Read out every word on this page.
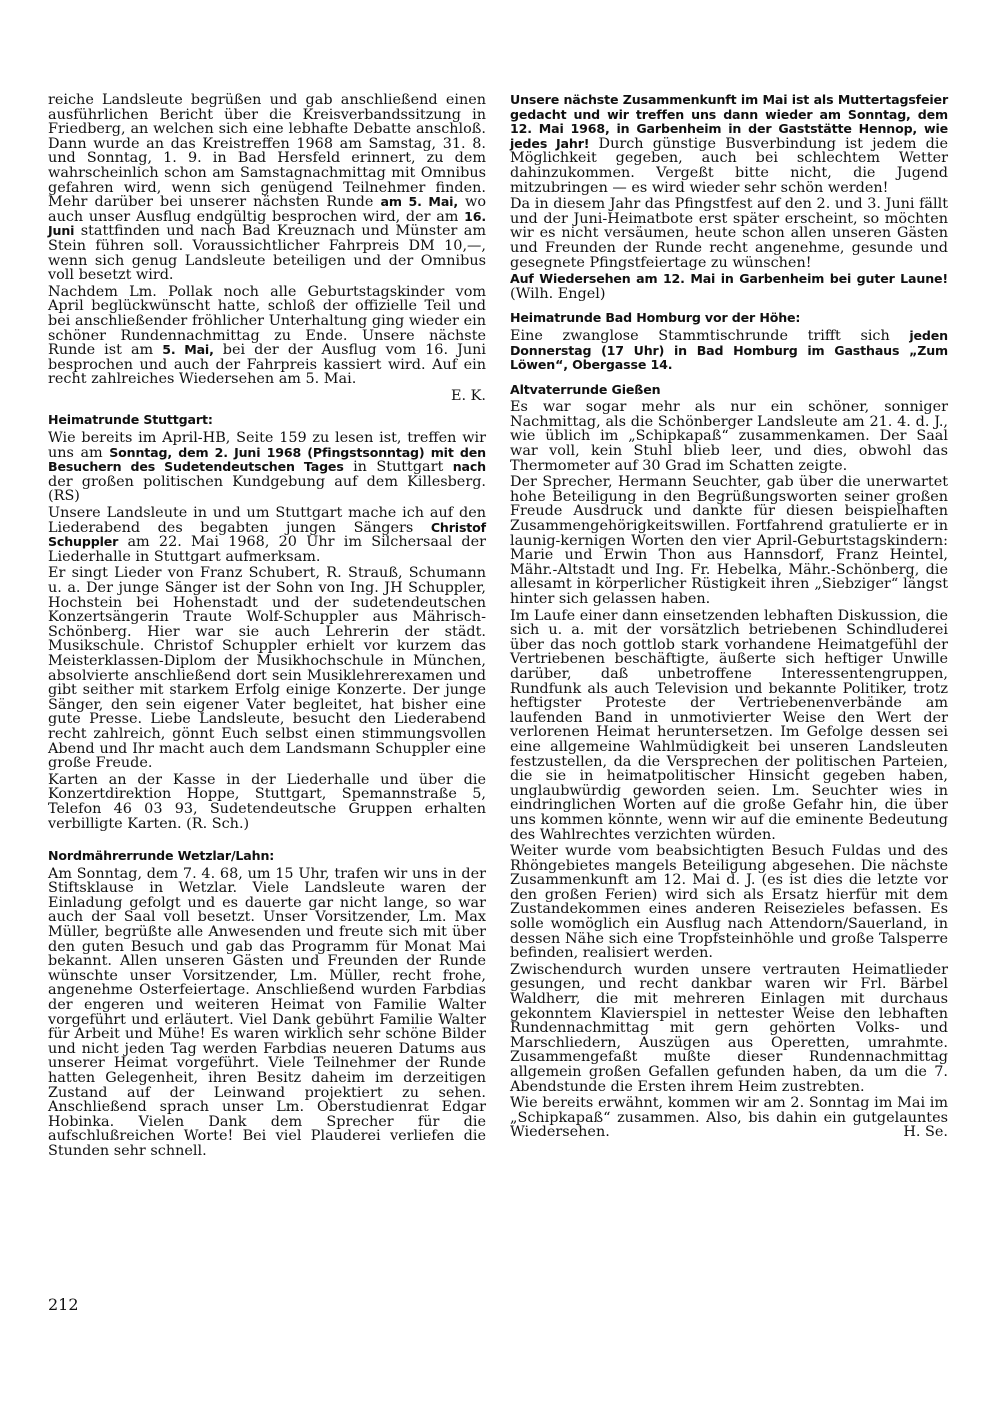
reiche Landsleute begrüßen und gab anschließend einen ausführlichen Bericht über die Kreisverbandssitzung in Friedberg, an welchen sich eine lebhafte Debatte anschloß. Dann wurde an das Kreistreffen 1968 am Samstag, 31. 8. und Sonntag, 1. 9. in Bad Hersfeld erinnert, zu dem wahrscheinlich schon am Samstagnachmittag mit Omnibus gefahren wird, wenn sich genügend Teilnehmer finden. Mehr darüber bei unserer nächsten Runde am 5. Mai, wo auch unser Ausflug endgültig besprochen wird, der am 16. Juni stattfinden und nach Bad Kreuznach und Münster am Stein führen soll. Voraussichtlicher Fahrpreis DM 10,—, wenn sich genug Landsleute beteiligen und der Omnibus voll besetzt wird.

Nachdem Lm. Pollak noch alle Geburtstagskinder vom April beglückwünscht hatte, schloß der offizielle Teil und bei anschließender fröhlicher Unterhaltung ging wieder ein schöner Rundennachmittag zu Ende. Unsere nächste Runde ist am 5. Mai, bei der der Ausflug vom 16. Juni besprochen und auch der Fahrpreis kassiert wird. Auf ein recht zahlreiches Wiedersehen am 5. Mai.

E. K.

Heimatrunde Stuttgart:

Wie bereits im April-HB, Seite 159 zu lesen ist, treffen wir uns am Sonntag, dem 2. Juni 1968 (Pfingstsonntag) mit den Besuchern des Sudetendeutschen Tages in Stuttgart nach der großen politischen Kundgebung auf dem Killesberg. (RS)

Unsere Landsleute in und um Stuttgart mache ich auf den Liederabend des begabten jungen Sängers Christof Schuppler am 22. Mai 1968, 20 Uhr im Silchersaal der Liederhalle in Stuttgart aufmerksam.

Er singt Lieder von Franz Schubert, R. Strauß, Schumann u. a. Der junge Sänger ist der Sohn von Ing. JH Schuppler, Hochstein bei Hohenstadt und der sudetendeutschen Konzertsängerin Traute Wolf-Schuppler aus Mährisch-Schönberg. Hier war sie auch Lehrerin der städt. Musikschule. Christof Schuppler erhielt vor kurzem das Meisterklassen-Diplom der Musikhochschule in München, absolvierte anschließend dort sein Musiklehrerexamen und gibt seither mit starkem Erfolg einige Konzerte. Der junge Sänger, den sein eigener Vater begleitet, hat bisher eine gute Presse. Liebe Landsleute, besucht den Liederabend recht zahlreich, gönnt Euch selbst einen stimmungsvollen Abend und Ihr macht auch dem Landsmann Schuppler eine große Freude.

Karten an der Kasse in der Liederhalle und über die Konzertdirektion Hoppe, Stuttgart, Spemannstraße 5, Telefon 46 03 93, Sudetendeutsche Gruppen erhalten verbilligte Karten. (R. Sch.)

Nordmährerrunde Wetzlar/Lahn:

Am Sonntag, dem 7. 4. 68, um 15 Uhr, trafen wir uns in der Stiftsklause in Wetzlar. Viele Landsleute waren der Einladung gefolgt und es dauerte gar nicht lange, so war auch der Saal voll besetzt. Unser Vorsitzender, Lm. Max Müller, begrüßte alle Anwesenden und freute sich mit über den guten Besuch und gab das Programm für Monat Mai bekannt. Allen unseren Gästen und Freunden der Runde wünschte unser Vorsitzender, Lm. Müller, recht frohe, angenehme Osterfeiertage. Anschließend wurden Farbdias der engeren und weiteren Heimat von Familie Walter vorgeführt und erläutert. Viel Dank gebührt Familie Walter für Arbeit und Mühe! Es waren wirklich sehr schöne Bilder und nicht jeden Tag werden Farbdias neueren Datums aus unserer Heimat vorgeführt. Viele Teilnehmer der Runde hatten Gelegenheit, ihren Besitz daheim im derzeitigen Zustand auf der Leinwand projektiert zu sehen. Anschließend sprach unser Lm. Oberstudienrat Edgar Hobinka. Vielen Dank dem Sprecher für die aufschlußreichen Worte! Bei viel Plauderei verliefen die Stunden sehr schnell.

Unsere nächste Zusammenkunft im Mai ist als Muttertagsfeier gedacht und wir treffen uns dann wieder am Sonntag, dem 12. Mai 1968, in Garbenheim in der Gaststätte Hennop, wie jedes Jahr! Durch günstige Busverbindung ist jedem die Möglichkeit gegeben, auch bei schlechtem Wetter dahinzukommen. Vergeßt bitte nicht, die Jugend mitzubringen — es wird wieder sehr schön werden!

Da in diesem Jahr das Pfingstfest auf den 2. und 3. Juni fällt und der Juni-Heimatbote erst später erscheint, so möchten wir es nicht versäumen, heute schon allen unseren Gästen und Freunden der Runde recht angenehme, gesunde und gesegnete Pfingstfeiertage zu wünschen!

Auf Wiedersehen am 12. Mai in Garbenheim bei guter Laune! (Wilh. Engel)

Heimatrunde Bad Homburg vor der Höhe:

Eine zwanglose Stammtischrunde trifft sich jeden Donnerstag (17 Uhr) in Bad Homburg im Gasthaus „Zum Löwen“, Obergasse 14.

Altvaterrunde Gießen

Es war sogar mehr als nur ein schöner, sonniger Nachmittag, als die Schönberger Landsleute am 21. 4. d. J., wie üblich im „Schipkapaß“ zusammenkamen. Der Saal war voll, kein Stuhl blieb leer, und dies, obwohl das Thermometer auf 30 Grad im Schatten zeigte.

Der Sprecher, Hermann Seuchter, gab über die unerwartet hohe Beteiligung in den Begrüßungsworten seiner großen Freude Ausdruck und dankte für diesen beispielhaften Zusammengehörigkeitswillen. Fortfahrend gratulierte er in launig-kernigen Worten den vier April-Geburtstagskindern: Marie und Erwin Thon aus Hannsdorf, Franz Heintel, Mähr.-Altstadt und Ing. Fr. Hebelka, Mähr.-Schönberg, die allesamt in körperlicher Rüstigkeit ihren „Siebziger“ längst hinter sich gelassen haben.

Im Laufe einer dann einsetzenden lebhaften Diskussion, die sich u. a. mit der vorsätzlich betriebenen Schindluderei über das noch gottlob stark vorhandene Heimatgefühl der Vertriebenen beschäftigte, äußerte sich heftiger Unwille darüber, daß unbetroffene Interessentengruppen, Rundfunk als auch Television und bekannte Politiker, trotz heftigster Proteste der Vertriebenenverbände am laufenden Band in unmotivierter Weise den Wert der verlorenen Heimat heruntersetzen. Im Gefolge dessen sei eine allgemeine Wahlmüdigkeit bei unseren Landsleuten festzustellen, da die Versprechen der politischen Parteien, die sie in heimatpolitischer Hinsicht gegeben haben, unglaubwürdig geworden seien. Lm. Seuchter wies in eindringlichen Worten auf die große Gefahr hin, die über uns kommen könnte, wenn wir auf die eminente Bedeutung des Wahlrechtes verzichten würden.

Weiter wurde vom beabsichtigten Besuch Fuldas und des Rhöngebietes mangels Beteiligung abgesehen. Die nächste Zusammenkunft am 12. Mai d. J. (es ist dies die letzte vor den großen Ferien) wird sich als Ersatz hierfür mit dem Zustandekommen eines anderen Reisezieles befassen. Es solle womöglich ein Ausflug nach Attendorn/Sauerland, in dessen Nähe sich eine Tropfsteinhöhle und große Talsperre befinden, realisiert werden.

Zwischendurch wurden unsere vertrauten Heimatlieder gesungen, und recht dankbar waren wir Frl. Bärbel Waldherr, die mit mehreren Einlagen mit durchaus gekonntem Klavierspiel in nettester Weise den lebhaften Rundennachmittag mit gern gehörten Volks- und Marschliedern, Auszügen aus Operetten, umrahmte. Zusammengefaßt mußte dieser Rundennachmittag allgemein großen Gefallen gefunden haben, da um die 7. Abendstunde die Ersten ihrem Heim zustrebten.

Wie bereits erwähnt, kommen wir am 2. Sonntag im Mai im „Schipkapaß“ zusammen. Also, bis dahin ein gutgelauntes Wiedersehen.	H. Se.

212
